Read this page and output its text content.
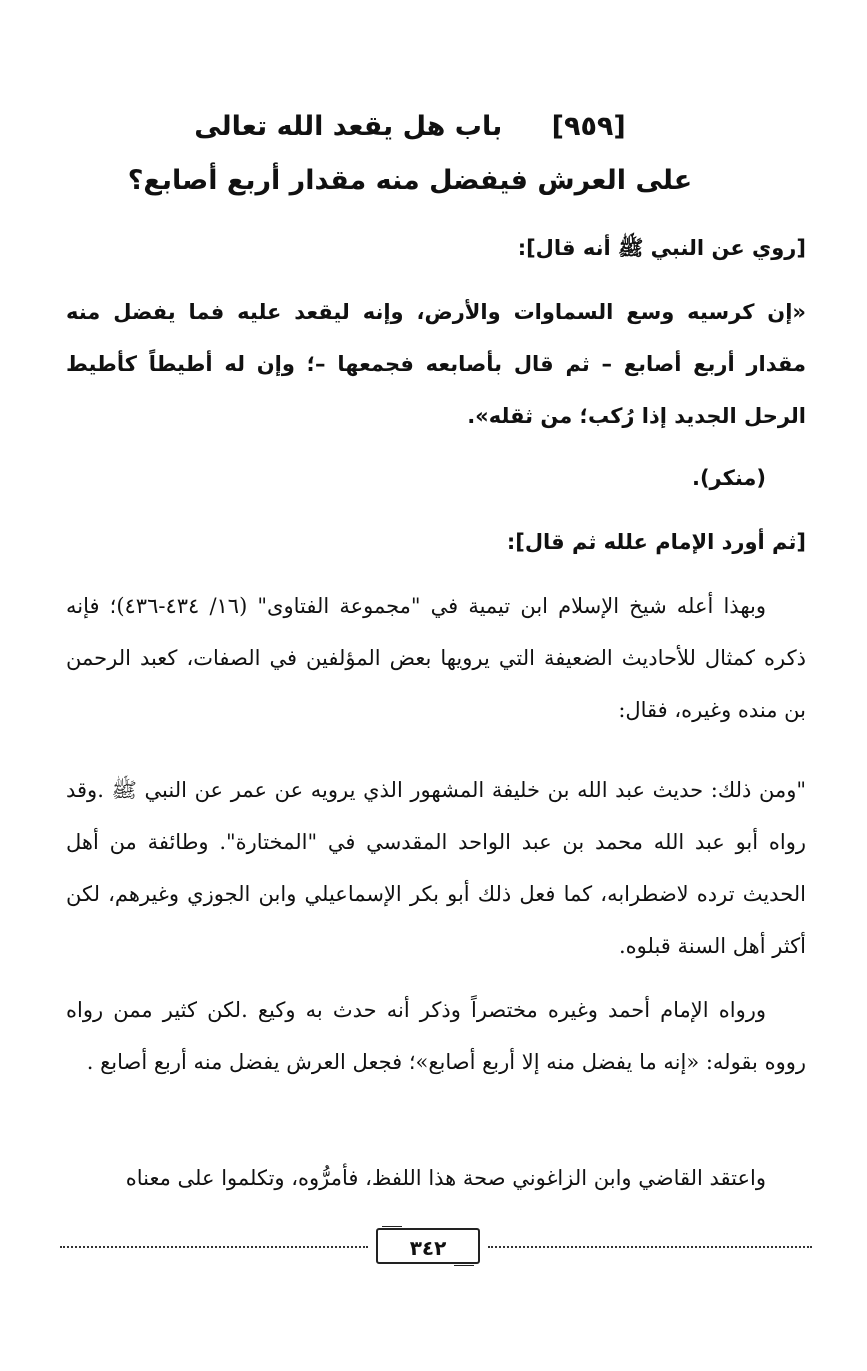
[٩٥٩] باب هل يقعد الله تعالى
على العرش فيفضل منه مقدار أربع أصابع؟
[روي عن النبي ﷺ أنه قال]:
«إن كرسيه وسع السماوات والأرض، وإنه ليقعد عليه فما يفضل منه مقدار أربع أصابع – ثم قال بأصابعه فجمعها –؛ وإن له أطيطاً كأطيط الرحل الجديد إذا رُكب؛ من ثقله».
(منكر).
[ثم أورد الإمام علله ثم قال]:
وبهذا أعله شيخ الإسلام ابن تيمية في "مجموعة الفتاوى" (١٦/ ٤٣٤-٤٣٦)؛ فإنه ذكره كمثال للأحاديث الضعيفة التي يرويها بعض المؤلفين في الصفات، كعبد الرحمن بن منده وغيره، فقال:
"ومن ذلك: حديث عبد الله بن خليفة المشهور الذي يرويه عن عمر عن النبي ﷺ .وقد رواه أبو عبد الله محمد بن عبد الواحد المقدسي في "المختارة". وطائفة من أهل الحديث ترده لاضطرابه، كما فعل ذلك أبو بكر الإسماعيلي وابن الجوزي وغيرهم، لكن أكثر أهل السنة قبلوه.
ورواه الإمام أحمد وغيره مختصراً وذكر أنه حدث به وكيع .لكن كثير ممن رواه رووه بقوله: «إنه ما يفضل منه إلا أربع أصابع»؛ فجعل العرش يفضل منه أربع أصابع .
واعتقد القاضي وابن الزاغوني صحة هذا اللفظ، فأمرُّوه، وتكلموا على معناه
٣٤٢
